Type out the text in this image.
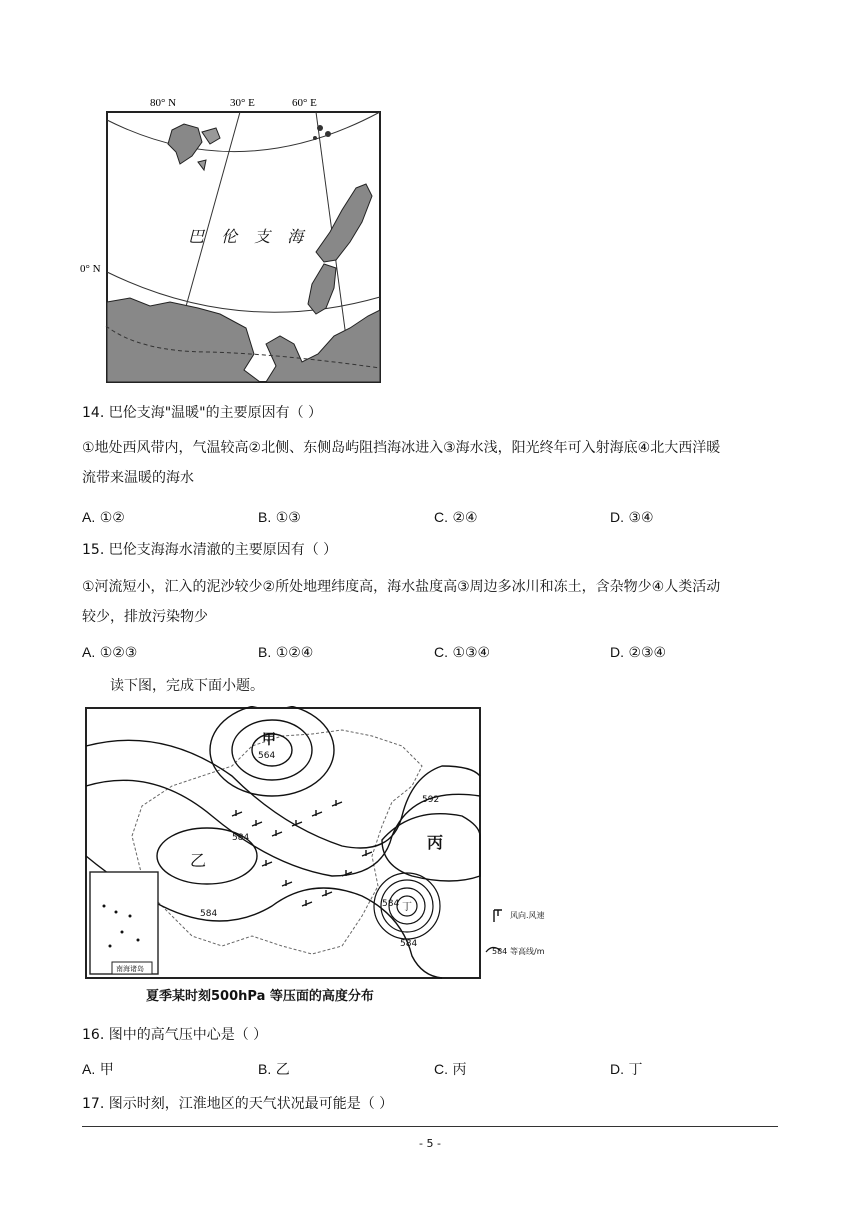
80° N	30° E	60° E
0° N
巴 伦 支 海
14. 巴伦支海"温暖"的主要原因有（ ）
①地处西风带内，气温较高②北侧、东侧岛屿阻挡海冰进入③海水浅，阳光终年可入射海底④北大西洋暖
流带来温暖的海水
A. ①②	B. ①③	C. ②④	D. ③④
15. 巴伦支海海水清澈的主要原因有（ ）
①河流短小，汇入的泥沙较少②所处地理纬度高，海水盐度高③周边多冰川和冻土，含杂物少④人类活动
较少，排放污染物少
A. ①②③	B. ①②④	C. ①③④	D. ②③④
读下图，完成下面小题。
南海诸岛
甲
564
乙
丙
丁
592
584
584
584
584
风向.风速
584 等高线/m
夏季某时刻500hPa 等压面的高度分布
16. 图中的高气压中心是（ ）
A. 甲	B. 乙	C. 丙	D. 丁
17. 图示时刻，江淮地区的天气状况最可能是（ ）
- 5 -
